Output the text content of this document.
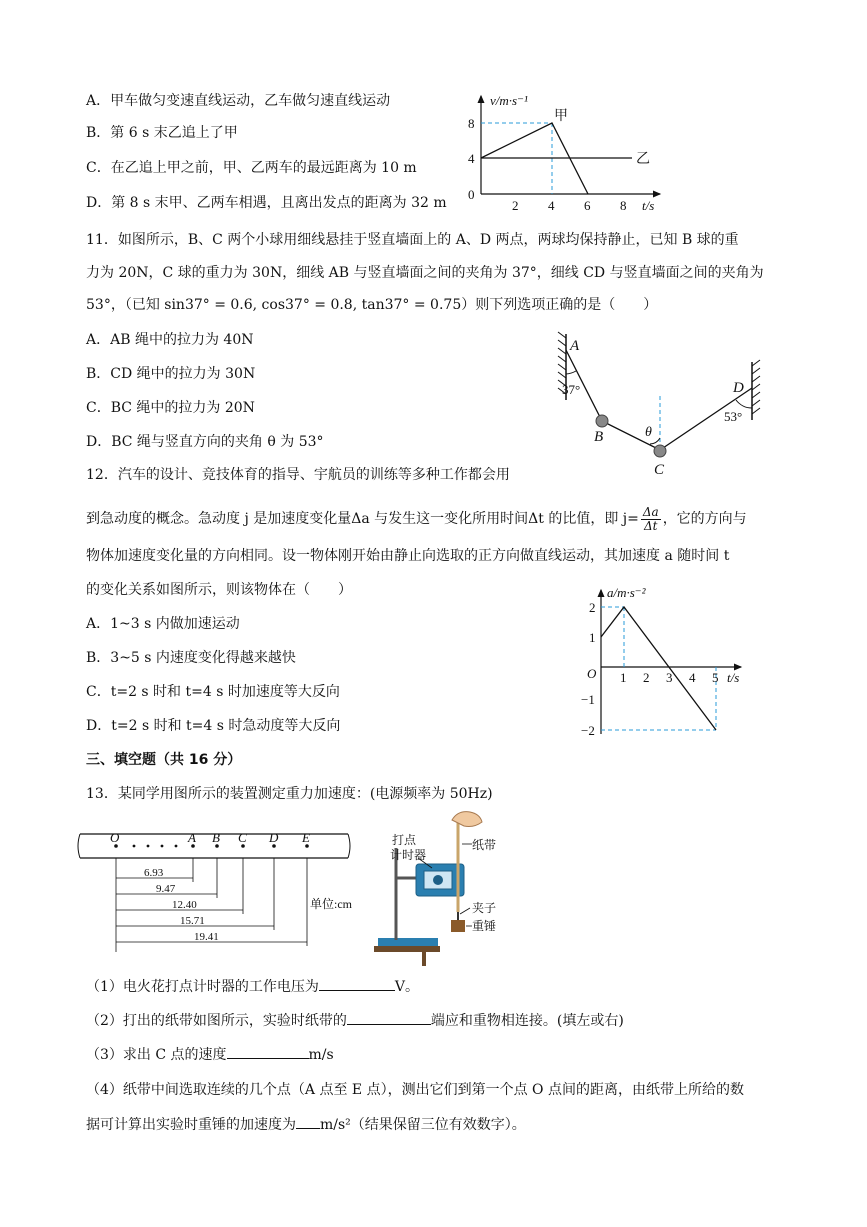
A．甲车做匀变速直线运动，乙车做匀速直线运动
B．第 6 s 末乙追上了甲
C．在乙追上甲之前，甲、乙两车的最远距离为 10 m
D．第 8 s 末甲、乙两车相遇，且离出发点的距离为 32 m
v/m·s⁻¹
t/s
8
4
0
2 4 6 8
甲
乙
11．如图所示，B、C 两个小球用细线悬挂于竖直墙面上的 A、D 两点，两球均保持静止，已知 B 球的重
力为 20N，C 球的重力为 30N，细线 AB 与竖直墙面之间的夹角为 37°，细线 CD 与竖直墙面之间的夹角为
53°，（已知 sin37° = 0.6, cos37° = 0.8, tan37° = 0.75）则下列选项正确的是（　　）
A．AB 绳中的拉力为 40N
B．CD 绳中的拉力为 30N
C．BC 绳中的拉力为 20N
D．BC 绳与竖直方向的夹角 θ 为 53°
A
37°
B
C
D
53°
θ
12．汽车的设计、竞技体育的指导、宇航员的训练等多种工作都会用
到急动度的概念。急动度 j 是加速度变化量Δa 与发生这一变化所用时间Δt 的比值，即 $j= \frac{\Delta a}{\Delta t}$ ，它的方向与
物体加速度变化量的方向相同。设一物体刚开始由静止向选取的正方向做直线运动，其加速度 a 随时间 t
的变化关系如图所示，则该物体在（　　）
A．1~3 s 内做加速运动
B．3~5 s 内速度变化得越来越快
C．t=2 s 时和 t=4 s 时加速度等大反向
D．t=2 s 时和 t=4 s 时急动度等大反向
a/m·s⁻²
t/s
O
2
1
−1
−2
1 2 3 4 5
三、填空题（共 16 分）
13．某同学用图所示的装置测定重力加速度：(电源频率为 50Hz)
O	A B C D E
6.93
9.47
12.40
15.71
19.41
单位:cm
打点
计时器
纸带
夹子
重锤
（1）电火花打点计时器的工作电压为	V。
（2）打出的纸带如图所示，实验时纸带的	端应和重物相连接。(填左或右)
（3）求出 C 点的速度	m/s
（4）纸带中间选取连续的几个点（A 点至 E 点），测出它们到第一个点 O 点间的距离，由纸带上所给的数
据可计算出实验时重锤的加速度为 m/s²（结果保留三位有效数字）。
